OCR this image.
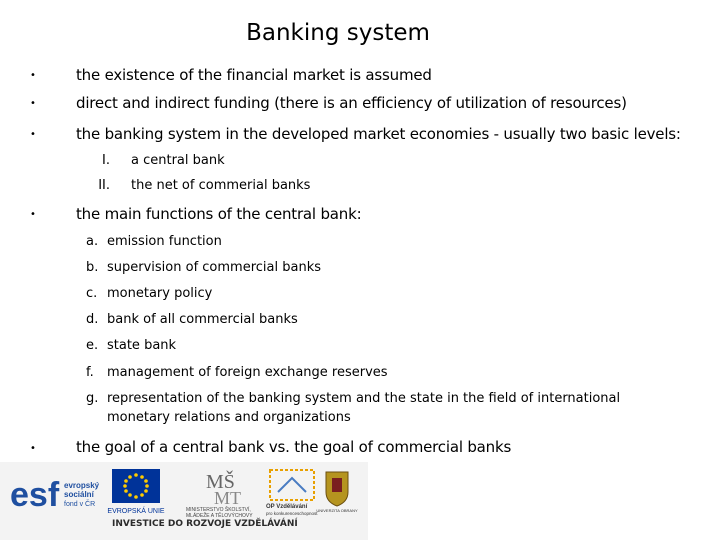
Banking system
•	the existence of the financial market is assumed
•	direct and indirect funding (there is an efficiency of utilization of resources)
•	the banking system in the developed market economies - usually two basic levels:
I. a central bank
II. the net of commerial banks
•	the main functions of the central bank:
a. emission function
b. supervision of commercial banks
c. monetary policy
d. bank of all commercial banks
e. state bank
f. management of foreign exchange reserves
g. representation of the banking system and the state in the field of international
monetary relations and organizations
•	the goal of a central bank vs. the goal of commercial banks
esf evropský
sociální
fond v ČR
EVROPSKÁ UNIE
MŠ
MT
MINISTERSTVO ŠKOLSTVÍ,
MLÁDEŽE A TĚLOVÝCHOVY
OP Vzdělávání
pro konkurenceschopnost
UNIVERZITA OBRANY
INVESTICE DO ROZVOJE VZDĚLÁVÁNÍ
